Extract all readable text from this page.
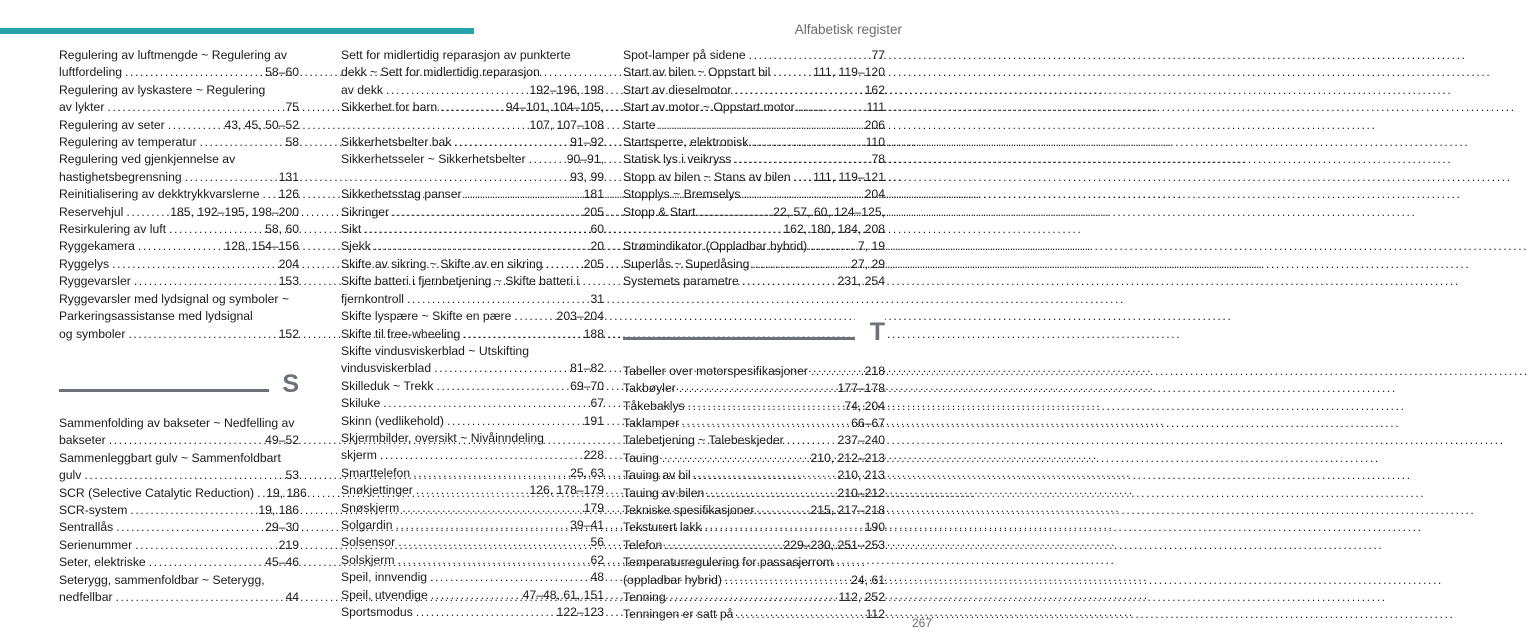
Alfabetisk register
Regulering av luftmengde ~ Regulering av
luftfordeling .....	58–60
Regulering av lyskastere ~ Regulering
av lykter .....	75
Regulering av seter .....	43, 45, 50–52
Regulering av temperatur .....	58
Regulering ved gjenkjennelse av
hastighetsbegrensning .....	131
Reinitialisering av dekktrykkvarslerne ..... 126
Reservehjul .....	185, 192–195, 198–200
Resirkulering av luft .....	58, 60
Ryggekamera .....	128, 154–156
Ryggelys .....	204
Ryggevarsler .....	153
Ryggevarsler med lydsignal og symboler ~
Parkeringsassistanse med lydsignal
og symboler .....	152
S
Sammenfolding av bakseter ~ Nedfelling av
bakseter .....	49–52
Sammenleggbart gulv ~ Sammenfoldbart
gulv .....	53
SCR (Selective Catalytic Reduction) ..... 19, 186
SCR-system .....	19, 186
Sentrallås .....	29–30
Serienummer .....	219
Seter, elektriske .....	45–46
Seterygg, sammenfoldbar ~ Seterygg,
nedfellbar .....	44
Sett for midlertidig reparasjon av punkterte
dekk ~ Sett for midlertidig reparasjon
av dekk .....	192–196, 198
Sikkerhet for barn .....	94–101, 104–105,
107, 107–108
Sikkerhetsbelter bak .....	91–92
Sikkerhetsseler ~ Sikkerhetsbelter .....	90–91,
93, 99
Sikkerhetsstag panser .....	181
Sikringer .....	205
Sikt .....	60
Sjekk .....	20
Skifte av sikring ~ Skifte av en sikring .....	205
Skifte batteri i fjernbetjening ~ Skifte batteri i
fjernkontroll .....	31
Skifte lyspære ~ Skifte en pære .....	203–204
Skifte til free-wheeling .....	188
Skifte vindusviskerblad ~ Utskifting
vindusviskerblad .....	81–82
Skilleduk ~ Trekk .....	69–70
Skiluke .....	67
Skinn (vedlikehold) .....	191
Skjermbilder, oversikt ~ Nivåinndeling
skjerm .....	228
Smarttelefon .....	25, 63
Snøkjettinger .....	126, 178–179
Snøskjerm .....	179
Solgardin .....	39–41
Solsensor .....	56
Solskjerm .....	62
Speil, innvendig .....	48
Speil, utvendige .....	47–48, 61, 151
Sportsmodus .....	122–123
Spot-lamper på sidene .....	77
Start av bilen ~ Oppstart bil .....	111, 119–120
Start av dieselmotor .....	162
Start av motor ~ Oppstart motor .....	111
Starte .....	206
Startsperre, elektronisk .....	110
Statisk lys i veikryss .....	78
Stopp av bilen ~ Stans av bilen ..... 111, 119–121
Stopplys ~ Bremselys .....	204
Stopp & Start .....	22, 57, 60, 124–125,
162, 180, 184, 208
Strømindikator (Oppladbar hybrid) .....	7, 19
Superlås ~ Superlåsing .....	27, 29
Systemets parametre .....	231, 254
T
Tabeller over motorspesifikasjoner .....	218
Takbøyler .....	177–178
Tåkebaklys .....	74, 204
Taklamper .....	66–67
Talebetjening ~ Talebeskjeder .....	237–240
Tauing .....	210, 212–213
Tauing av bil .....	210, 213
Tauing av bilen .....	210–212
Tekniske spesifikasjoner .....	215, 217–218
Teksturert lakk .....	190
Telefon .....	229–230, 251–253
Temperaturregulering for passasjerrom
(oppladbar hybrid) .....	24, 61
Tenning .....	112, 252
Tenningen er satt på .....	112
267
